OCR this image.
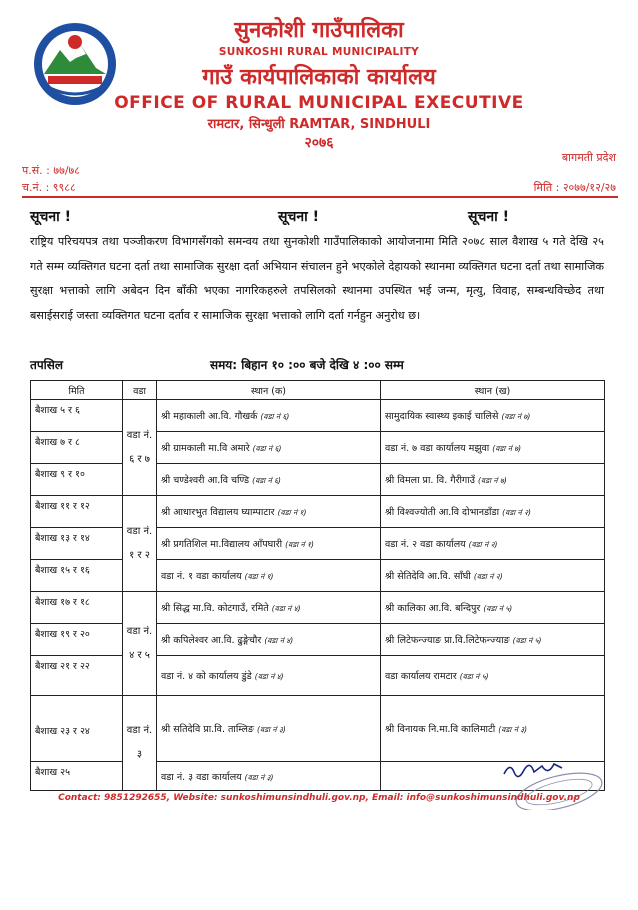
सुनकोशी गाउँपालिका
SUNKOSHI RURAL MUNICIPALITY
गाउँ कार्यपालिकाको कार्यालय
OFFICE OF RURAL MUNICIPAL EXECUTIVE
रामटार, सिन्धुली RAMTAR, SINDHULI
२०७६
बागमती प्रदेश
प.सं. : ७७/७८
च.नं. : ९९८८	मिति : २०७७/१२/२७
सूचना !	सूचना !	सूचना !
राष्ट्रिय परिचयपत्र तथा पञ्जीकरण विभागसँगको समन्वय तथा सुनकोशी गाउँपालिकाको आयोजनामा मिति २०७८ साल वैशाख ५ गते देखि २५ गते सम्म व्यक्तिगत घटना दर्ता तथा सामाजिक सुरक्षा दर्ता अभियान संचालन हुने भएकोले देहायको स्थानमा व्यक्तिगत घटना दर्ता तथा सामाजिक सुरक्षा भत्ताको लागि अबेदन दिन बाँकी भएका नागरिकहरुले तपसिलको स्थानमा उपस्थित भई जन्म, मृत्यु, विवाह, सम्बन्धविच्छेद तथा बसाईसराई जस्ता व्यक्तिगत घटना दर्ताव र सामाजिक सुरक्षा भत्ताको लागि दर्ता गर्नहुन अनुरोध छ।
तपसिल	समय: बिहान १० :०० बजे देखि ४ :०० सम्म
मिति	वडा	स्थान (क)	स्थान (ख)
बैशाख ५ र ६	वडा नं. ६ र ७	श्री महाकाली आ.वि. गौखर्क (वडा नं ६)	सामुदायिक स्वास्थ्य इकाई चालिसे (वडा नं ७)
बैशाख ७ र ८		श्री ग्रामकाली मा.वि अमारे (वडा नं ६)	वडा नं. ७ वडा कार्यालय मझुवा (वडा नं ७)
बैशाख ९ र १०		श्री चण्डेश्वरी आ.वि चण्डि (वडा नं ६)	श्री विमला प्रा. वि. गैरीगाउँ (वडा नं ७)
बैशाख ११ र १२	वडा नं. १ र २	श्री आधारभुत विद्यालय घ्याम्पाटार (वडा नं १)	श्री विश्वज्योती आ.वि दोभानडाँडा (वडा नं २)
बैशाख १३ र १४		श्री प्रगतिशिल मा.विद्यालय आँपघारी (वडा नं १)	वडा नं. २ वडा कार्यालय (वडा नं २)
बैशाख १५ र १६		वडा नं. १ वडा कार्यालय (वडा नं १)	श्री सेतिदेवि आ.वि. साँघी (वडा नं २)
बैशाख १७ र १८	वडा नं. ४ र ५	श्री सिद्ध मा.वि. कोटगाउँ, रमिते (वडा नं ४)	श्री कालिका आ.वि. बन्दिपुर (वडा नं ५)
बैशाख १९ र २०		श्री कपिलेश्वर आ.वि. ढुङ्गेचौर (वडा नं ४)	श्री लिटेफन्ज्याङ प्रा.वि.लिटेफन्ज्याङ (वडा नं ५)
बैशाख २१ र २२		वडा नं. ४ को कार्यालय डुंडे (वडा नं ४)	वडा कार्यालय रामटार (वडा नं ५)
बैशाख २३ र २४	वडा नं. ३	श्री सतिदेवि प्रा.वि. ताम्लिङ (वडा नं ३)	श्री विनायक नि.मा.वि कालिमाटी (वडा नं ३)
बैशाख २५		वडा नं. ३ वडा कार्यालय (वडा नं ३)	
Contact: 9851292655, Website: sunkoshimunsindhuli.gov.np, Email: info@sunkoshimunsindhuli.gov.np
